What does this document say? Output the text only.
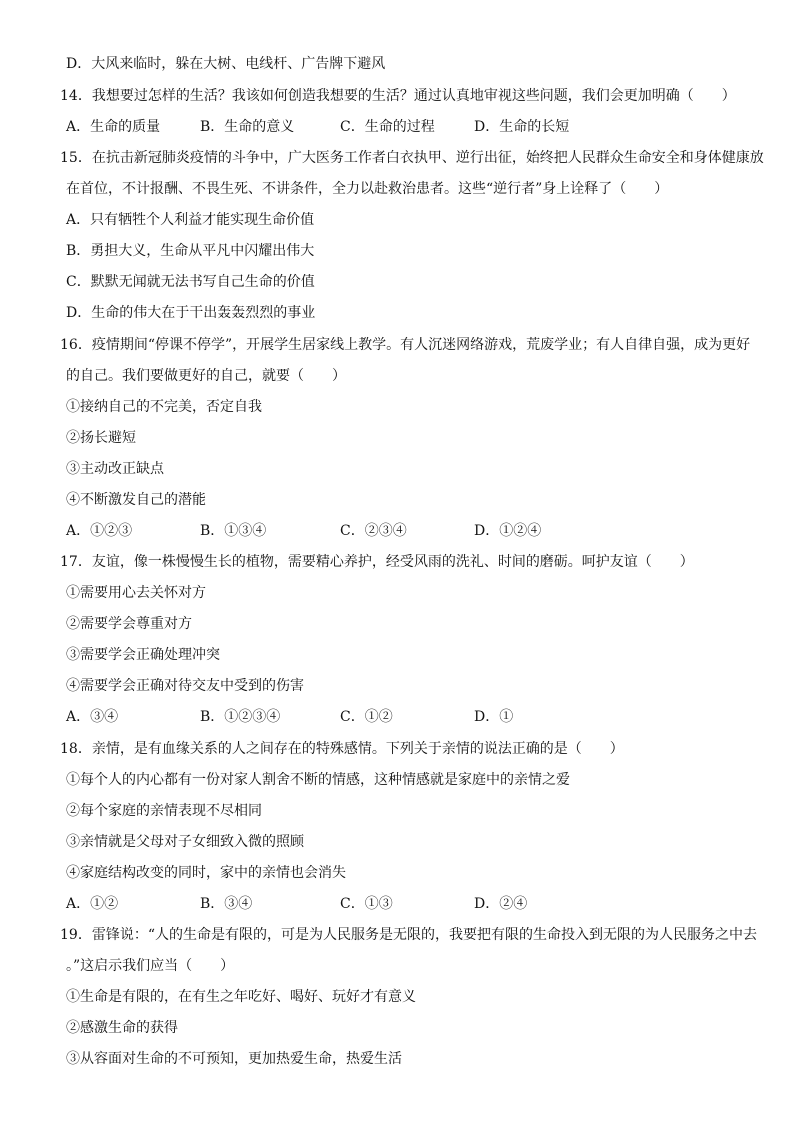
D．大风来临时，躲在大树、电线杆、广告牌下避风
14．我想要过怎样的生活？我该如何创造我想要的生活？通过认真地审视这些问题，我们会更加明确（　　）
A．生命的质量	B．生命的意义	C．生命的过程	D．生命的长短
15．在抗击新冠肺炎疫情的斗争中，广大医务工作者白衣执甲、逆行出征，始终把人民群众生命安全和身体健康放
在首位，不计报酬、不畏生死、不讲条件，全力以赴救治患者。这些“逆行者”身上诠释了（　　）
A．只有牺牲个人利益才能实现生命价值
B．勇担大义，生命从平凡中闪耀出伟大
C．默默无闻就无法书写自己生命的价值
D．生命的伟大在于干出轰轰烈烈的事业
16．疫情期间“停课不停学”，开展学生居家线上教学。有人沉迷网络游戏，荒废学业；有人自律自强，成为更好
的自己。我们要做更好的自己，就要（　　）
①接纳自己的不完美，否定自我
②扬长避短
③主动改正缺点
④不断激发自己的潜能
A．①②③	B．①③④	C．②③④	D．①②④
17．友谊，像一株慢慢生长的植物，需要精心养护，经受风雨的洗礼、时间的磨砺。呵护友谊（　　）
①需要用心去关怀对方
②需要学会尊重对方
③需要学会正确处理冲突
④需要学会正确对待交友中受到的伤害
A．③④	B．①②③④	C．①②	D．①
18．亲情，是有血缘关系的人之间存在的特殊感情。下列关于亲情的说法正确的是（　　）
①每个人的内心都有一份对家人割舍不断的情感，这种情感就是家庭中的亲情之爱
②每个家庭的亲情表现不尽相同
③亲情就是父母对子女细致入微的照顾
④家庭结构改变的同时，家中的亲情也会消失
A．①②	B．③④	C．①③	D．②④
19．雷锋说：“人的生命是有限的，可是为人民服务是无限的，我要把有限的生命投入到无限的为人民服务之中去
。”这启示我们应当（　　）
①生命是有限的，在有生之年吃好、喝好、玩好才有意义
②感激生命的获得
③从容面对生命的不可预知，更加热爱生命，热爱生活
